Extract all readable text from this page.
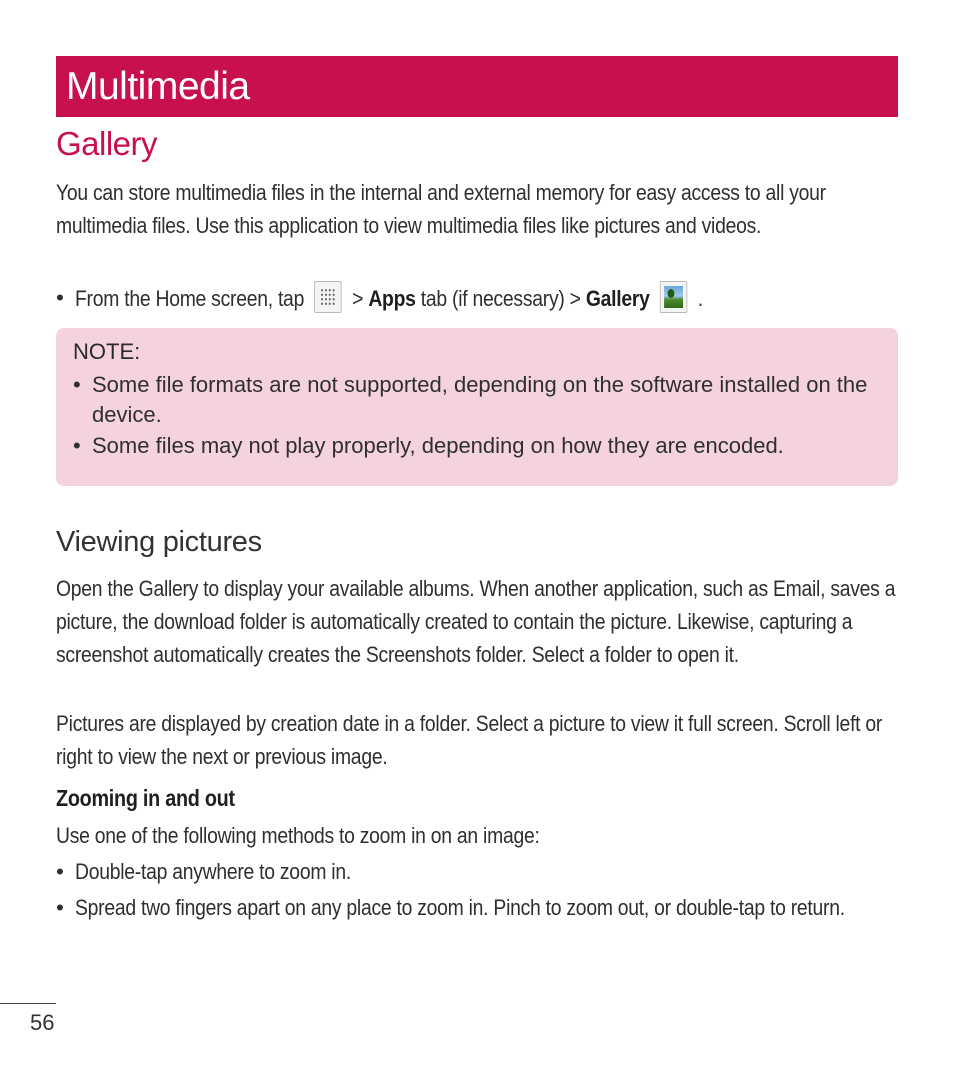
Multimedia
Gallery
You can store multimedia files in the internal and external memory for easy access to all your multimedia files. Use this application to view multimedia files like pictures and videos.
• From the Home screen, tap > Apps tab (if necessary) > Gallery .
NOTE:
• Some file formats are not supported, depending on the software installed on the device.
• Some files may not play properly, depending on how they are encoded.
Viewing pictures
Open the Gallery to display your available albums. When another application, such as Email, saves a picture, the download folder is automatically created to contain the picture. Likewise, capturing a screenshot automatically creates the Screenshots folder. Select a folder to open it.
Pictures are displayed by creation date in a folder. Select a picture to view it full screen. Scroll left or right to view the next or previous image.
Zooming in and out
Use one of the following methods to zoom in on an image:
• Double-tap anywhere to zoom in.
• Spread two fingers apart on any place to zoom in. Pinch to zoom out, or double-tap to return.
56
